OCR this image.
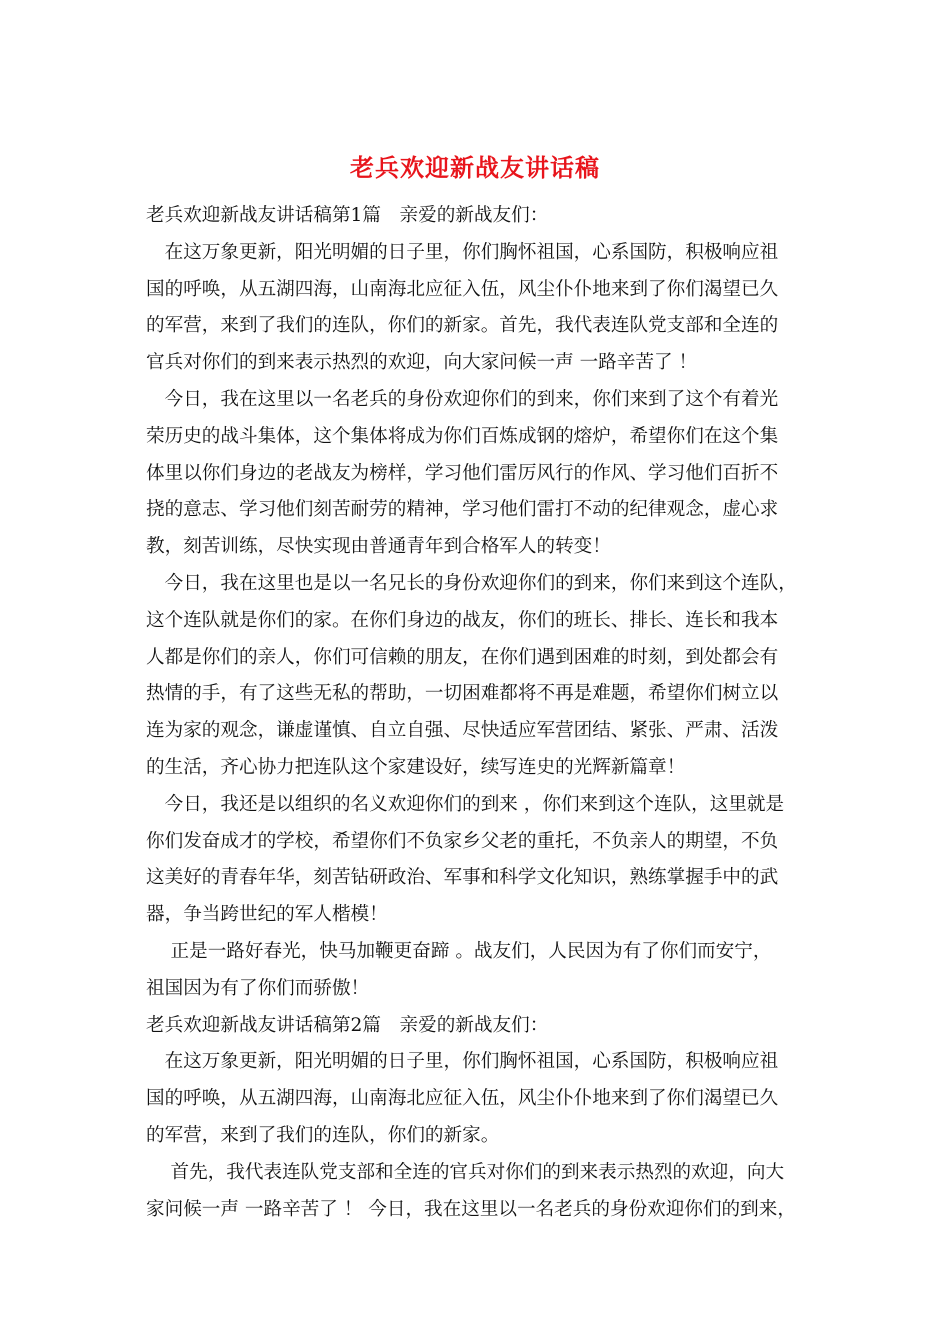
老兵欢迎新战友讲话稿
老兵欢迎新战友讲话稿第1篇　亲爱的新战友们：
　在这万象更新，阳光明媚的日子里，你们胸怀祖国，心系国防，积极响应祖
国的呼唤，从五湖四海，山南海北应征入伍，风尘仆仆地来到了你们渴望已久
的军营，来到了我们的连队，你们的新家。首先，我代表连队党支部和全连的
官兵对你们的到来表示热烈的欢迎，向大家问候一声 一路辛苦了 ！
　今日，我在这里以一名老兵的身份欢迎你们的到来，你们来到了这个有着光
荣历史的战斗集体，这个集体将成为你们百炼成钢的熔炉，希望你们在这个集
体里以你们身边的老战友为榜样，学习他们雷厉风行的作风、学习他们百折不
挠的意志、学习他们刻苦耐劳的精神，学习他们雷打不动的纪律观念，虚心求
教，刻苦训练，尽快实现由普通青年到合格军人的转变！
　今日，我在这里也是以一名兄长的身份欢迎你们的到来，你们来到这个连队，
这个连队就是你们的家。在你们身边的战友，你们的班长、排长、连长和我本
人都是你们的亲人，你们可信赖的朋友，在你们遇到困难的时刻，到处都会有
热情的手，有了这些无私的帮助，一切困难都将不再是难题，希望你们树立以
连为家的观念，谦虚谨慎、自立自强、尽快适应军营团结、紧张、严肃、活泼
的生活，齐心协力把连队这个家建设好，续写连史的光辉新篇章！
　今日，我还是以组织的名义欢迎你们的到来 ，你们来到这个连队，这里就是
你们发奋成才的学校，希望你们不负家乡父老的重托，不负亲人的期望，不负
这美好的青春年华，刻苦钻研政治、军事和科学文化知识，熟练掌握手中的武
器，争当跨世纪的军人楷模！
　 正是一路好春光，快马加鞭更奋蹄 。战友们，人民因为有了你们而安宁，
祖国因为有了你们而骄傲！
老兵欢迎新战友讲话稿第2篇　亲爱的新战友们：
　在这万象更新，阳光明媚的日子里，你们胸怀祖国，心系国防，积极响应祖
国的呼唤，从五湖四海，山南海北应征入伍，风尘仆仆地来到了你们渴望已久
的军营，来到了我们的连队，你们的新家。
　 首先，我代表连队党支部和全连的官兵对你们的到来表示热烈的欢迎，向大
家问候一声 一路辛苦了 ！ 今日，我在这里以一名老兵的身份欢迎你们的到来，
